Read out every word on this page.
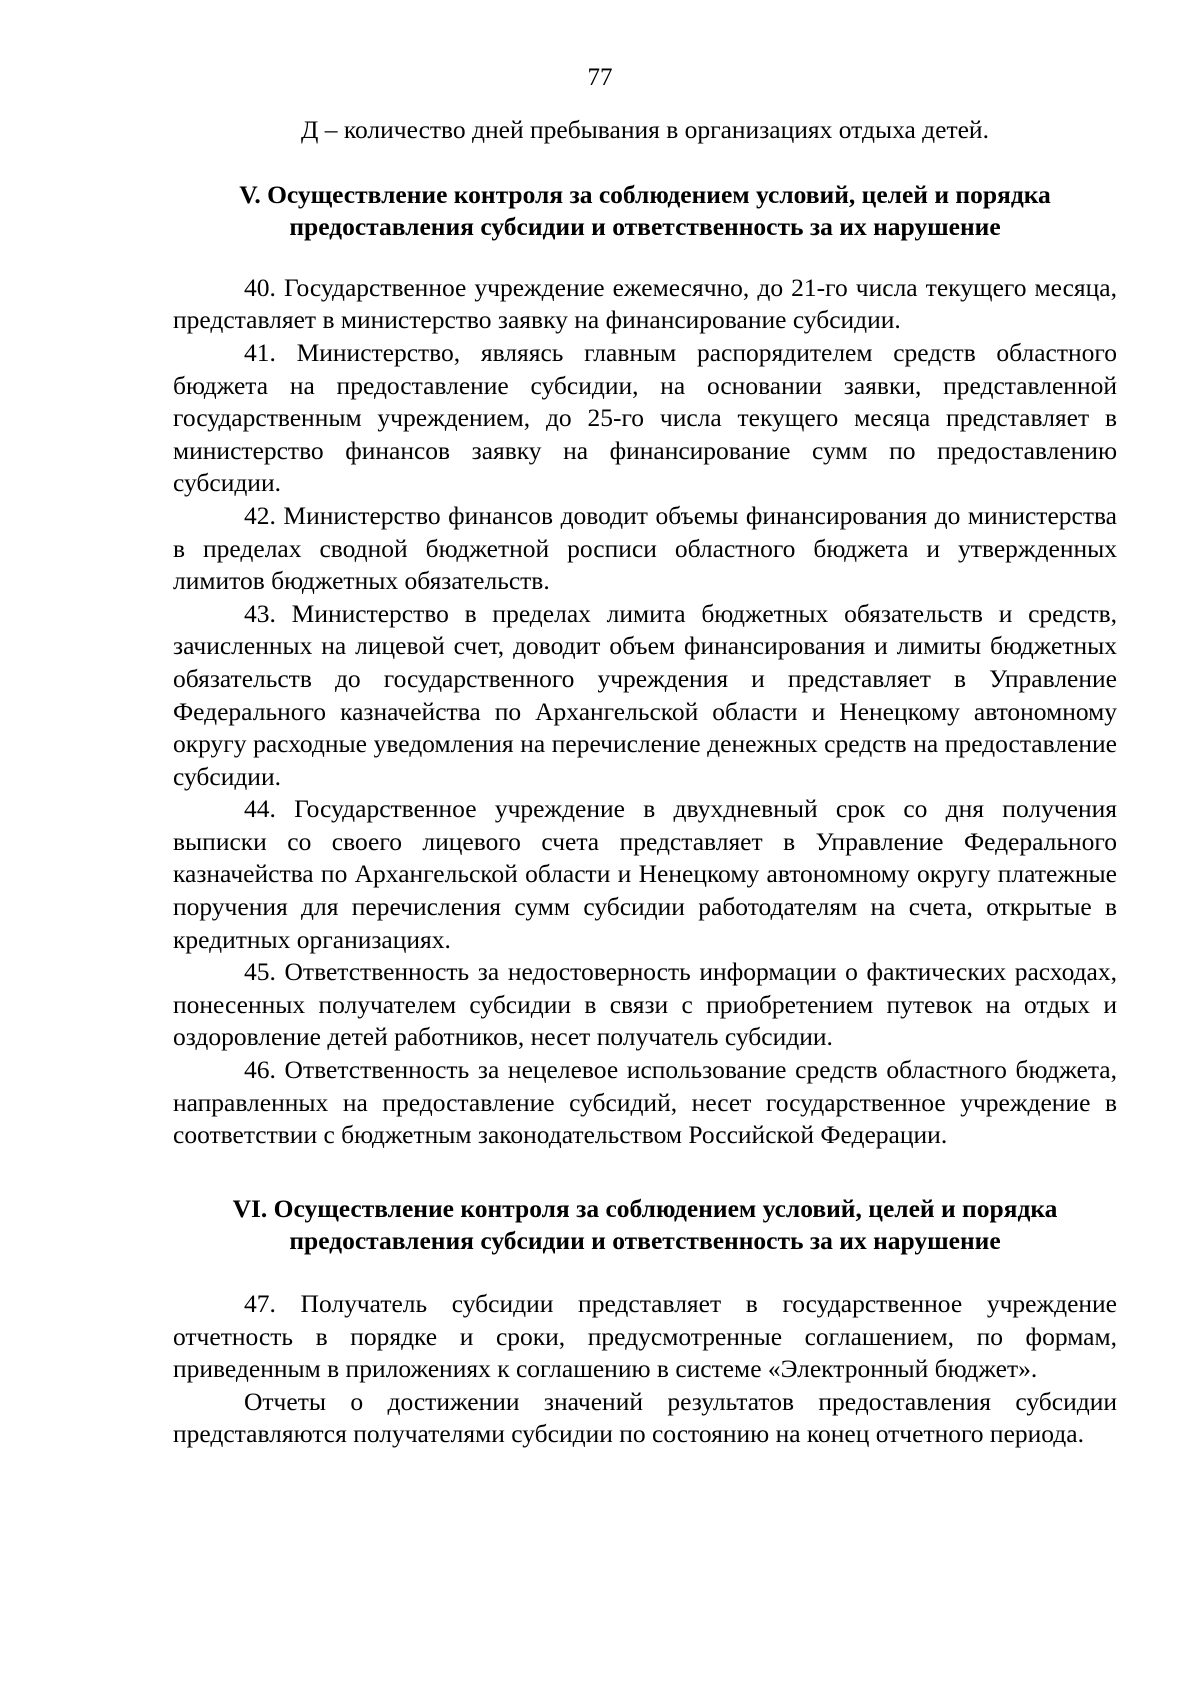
77

Д – количество дней пребывания в организациях отдыха детей.

V. Осуществление контроля за соблюдением условий, целей и порядка предоставления субсидии и ответственность за их нарушение

40. Государственное учреждение ежемесячно, до 21-го числа текущего месяца, представляет в министерство заявку на финансирование субсидии.

41. Министерство, являясь главным распорядителем средств областного бюджета на предоставление субсидии, на основании заявки, представленной государственным учреждением, до 25-го числа текущего месяца представляет в министерство финансов заявку на финансирование сумм по предоставлению субсидии.

42. Министерство финансов доводит объемы финансирования до министерства в пределах сводной бюджетной росписи областного бюджета и утвержденных лимитов бюджетных обязательств.

43. Министерство в пределах лимита бюджетных обязательств и средств, зачисленных на лицевой счет, доводит объем финансирования и лимиты бюджетных обязательств до государственного учреждения и представляет в Управление Федерального казначейства по Архангельской области и Ненецкому автономному округу расходные уведомления на перечисление денежных средств на предоставление субсидии.

44. Государственное учреждение в двухдневный срок со дня получения выписки со своего лицевого счета представляет в Управление Федерального казначейства по Архангельской области и Ненецкому автономному округу платежные поручения для перечисления сумм субсидии работодателям на счета, открытые в кредитных организациях.

45. Ответственность за недостоверность информации о фактических расходах, понесенных получателем субсидии в связи с приобретением путевок на отдых и оздоровление детей работников, несет получатель субсидии.

46. Ответственность за нецелевое использование средств областного бюджета, направленных на предоставление субсидий, несет государственное учреждение в соответствии с бюджетным законодательством Российской Федерации.

VI. Осуществление контроля за соблюдением условий, целей и порядка предоставления субсидии и ответственность за их нарушение

47. Получатель субсидии представляет в государственное учреждение отчетность в порядке и сроки, предусмотренные соглашением, по формам, приведенным в приложениях к соглашению в системе «Электронный бюджет».

Отчеты о достижении значений результатов предоставления субсидии представляются получателями субсидии по состоянию на конец отчетного периода.
